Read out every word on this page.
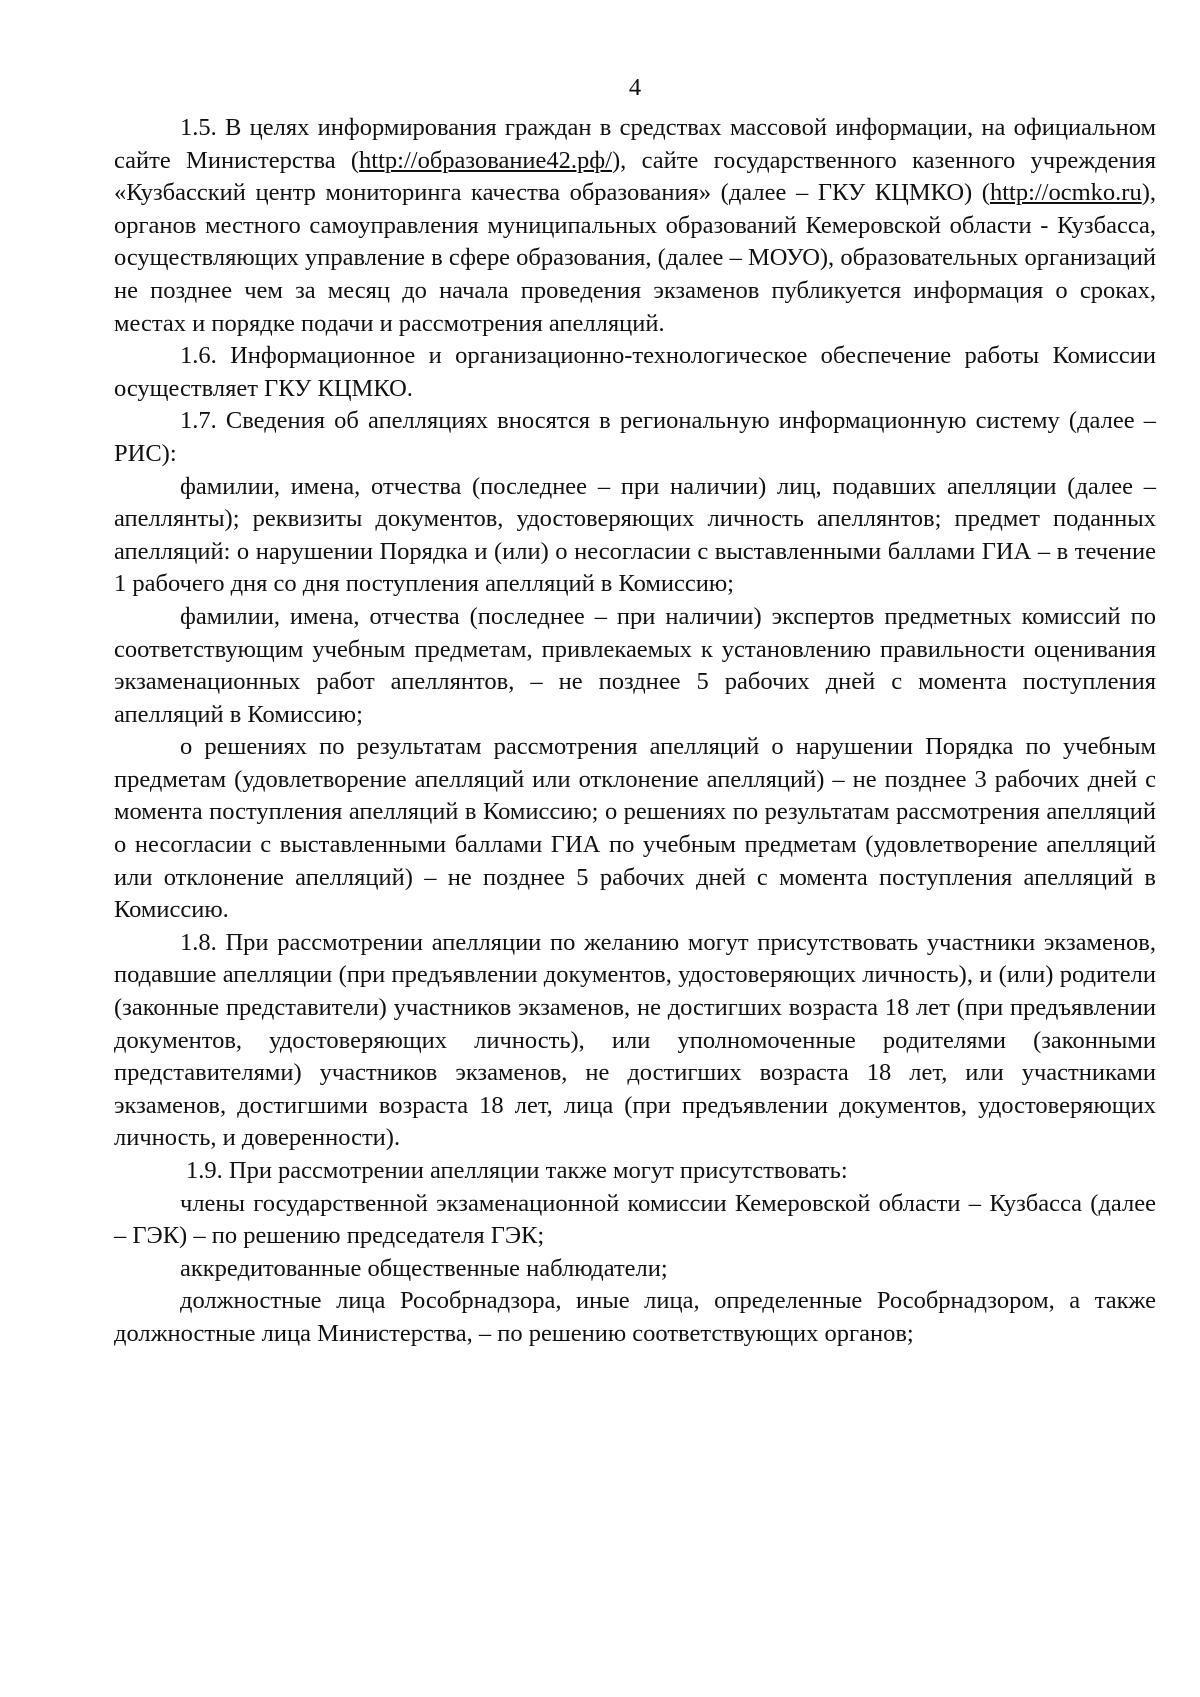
4

1.5. В целях информирования граждан в средствах массовой информации, на официальном сайте Министерства (http://образование42.рф/), сайте государственного казенного учреждения «Кузбасский центр мониторинга качества образования» (далее – ГКУ КЦМКО) (http://ocmko.ru), органов местного самоуправления муниципальных образований Кемеровской области - Кузбасса, осуществляющих управление в сфере образования, (далее – МОУО), образовательных организаций не позднее чем за месяц до начала проведения экзаменов публикуется информация о сроках, местах и порядке подачи и рассмотрения апелляций.

1.6. Информационное и организационно-технологическое обеспечение работы Комиссии осуществляет ГКУ КЦМКО.

1.7. Сведения об апелляциях вносятся в региональную информационную систему (далее – РИС):

фамилии, имена, отчества (последнее – при наличии) лиц, подавших апелляции (далее – апеллянты); реквизиты документов, удостоверяющих личность апеллянтов; предмет поданных апелляций: о нарушении Порядка и (или) о несогласии с выставленными баллами ГИА – в течение 1 рабочего дня со дня поступления апелляций в Комиссию;

фамилии, имена, отчества (последнее – при наличии) экспертов предметных комиссий по соответствующим учебным предметам, привлекаемых к установлению правильности оценивания экзаменационных работ апеллянтов, – не позднее 5 рабочих дней с момента поступления апелляций в Комиссию;

о решениях по результатам рассмотрения апелляций о нарушении Порядка по учебным предметам (удовлетворение апелляций или отклонение апелляций) – не позднее 3 рабочих дней с момента поступления апелляций в Комиссию; о решениях по результатам рассмотрения апелляций о несогласии с выставленными баллами ГИА по учебным предметам (удовлетворение апелляций или отклонение апелляций) – не позднее 5 рабочих дней с момента поступления апелляций в Комиссию.

1.8. При рассмотрении апелляции по желанию могут присутствовать участники экзаменов, подавшие апелляции (при предъявлении документов, удостоверяющих личность), и (или) родители (законные представители) участников экзаменов, не достигших возраста 18 лет (при предъявлении документов, удостоверяющих личность), или уполномоченные родителями (законными представителями) участников экзаменов, не достигших возраста 18 лет, или участниками экзаменов, достигшими возраста 18 лет, лица (при предъявлении документов, удостоверяющих личность, и доверенности).

1.9. При рассмотрении апелляции также могут присутствовать:

члены государственной экзаменационной комиссии Кемеровской области – Кузбасса (далее – ГЭК) – по решению председателя ГЭК;

аккредитованные общественные наблюдатели;

должностные лица Рособрнадзора, иные лица, определенные Рособрнадзором, а также должностные лица Министерства, – по решению соответствующих органов;
